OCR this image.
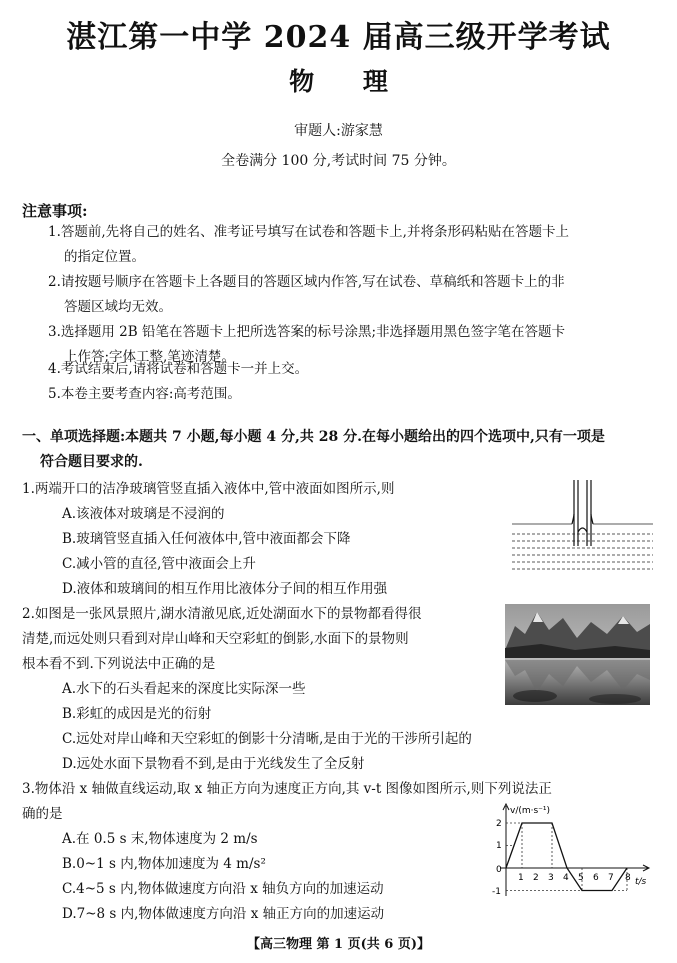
湛江第一中学 2024 届高三级开学考试
物 理
审题人:游家慧
全卷满分 100 分,考试时间 75 分钟。
注意事项:
1.答题前,先将自己的姓名、准考证号填写在试卷和答题卡上,并将条形码粘贴在答题卡上
的指定位置。
2.请按题号顺序在答题卡上各题目的答题区域内作答,写在试卷、草稿纸和答题卡上的非
答题区域均无效。
3.选择题用 2B 铅笔在答题卡上把所选答案的标号涂黑;非选择题用黑色签字笔在答题卡
上作答;字体工整,笔迹清楚。
4.考试结束后,请将试卷和答题卡一并上交。
5.本卷主要考查内容:高考范围。
一、单项选择题:本题共 7 小题,每小题 4 分,共 28 分.在每小题给出的四个选项中,只有一项是
符合题目要求的.
1.两端开口的洁净玻璃管竖直插入液体中,管中液面如图所示,则
A.该液体对玻璃是不浸润的
B.玻璃管竖直插入任何液体中,管中液面都会下降
C.减小管的直径,管中液面会上升
D.液体和玻璃间的相互作用比液体分子间的相互作用强
2.如图是一张风景照片,湖水清澈见底,近处湖面水下的景物都看得很
清楚,而远处则只看到对岸山峰和天空彩虹的倒影,水面下的景物则
根本看不到.下列说法中正确的是
A.水下的石头看起来的深度比实际深一些
B.彩虹的成因是光的衍射
C.远处对岸山峰和天空彩虹的倒影十分清晰,是由于光的干涉所引起的
D.远处水面下景物看不到,是由于光线发生了全反射
3.物体沿 x 轴做直线运动,取 x 轴正方向为速度正方向,其 v-t 图像如图所示,则下列说法正
确的是
A.在 0.5 s 末,物体速度为 2 m/s
B.0~1 s 内,物体加速度为 4 m/s²
C.4~5 s 内,物体做速度方向沿 x 轴负方向的加速运动
D.7~8 s 内,物体做速度方向沿 x 轴正方向的加速运动
v/(m·s⁻¹)
t/s
2
1
0
-1
1 2 3 4 5 6 7 8
【高三物理 第 1 页(共 6 页)】
